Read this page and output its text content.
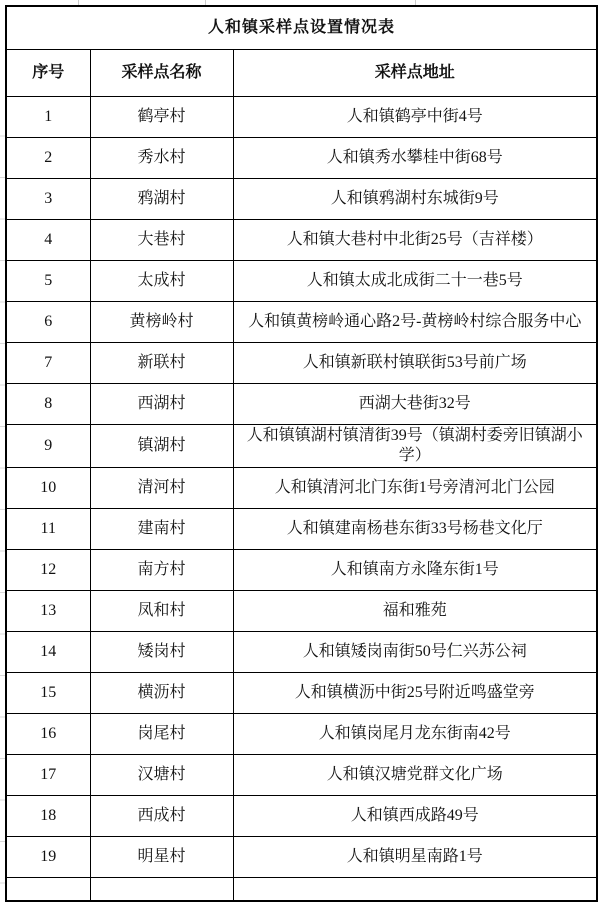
人和镇采样点设置情况表		
序号	采样点名称	采样点地址
1	鹤亭村	人和镇鹤亭中街4号
2	秀水村	人和镇秀水攀桂中街68号
3	鸦湖村	人和镇鸦湖村东城街9号
4	大巷村	人和镇大巷村中北街25号（吉祥楼）
5	太成村	人和镇太成北成街二十一巷5号
6	黄榜岭村	人和镇黄榜岭通心路2号-黄榜岭村综合服务中心
7	新联村	人和镇新联村镇联街53号前广场
8	西湖村	西湖大巷街32号
9	镇湖村	人和镇镇湖村镇清街39号（镇湖村委旁旧镇湖小学）
10	清河村	人和镇清河北门东街1号旁清河北门公园
11	建南村	人和镇建南杨巷东街33号杨巷文化厅
12	南方村	人和镇南方永隆东街1号
13	凤和村	福和雅苑
14	矮岗村	人和镇矮岗南街50号仁兴苏公祠
15	横沥村	人和镇横沥中街25号附近鸣盛堂旁
16	岗尾村	人和镇岗尾月龙东街南42号
17	汉塘村	人和镇汉塘党群文化广场
18	西成村	人和镇西成路49号
19	明星村	人和镇明星南路1号
